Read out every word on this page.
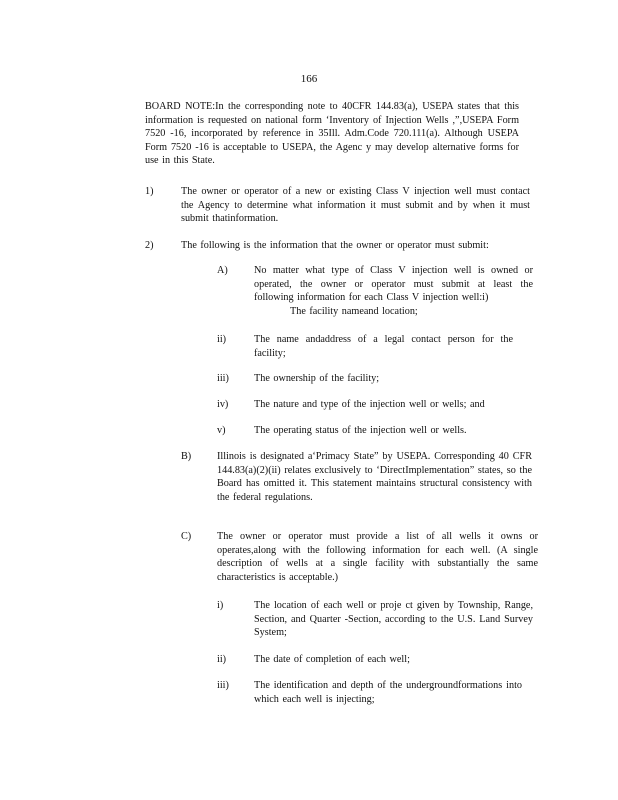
166

BOARD NOTE:In the corresponding note to 40CFR 144.83(a), USEPA states that this information is requested on national form ‘Inventory of Injection Wells ,”,USEPA Form 7520 -16, incorporated by reference in 35Ill. Adm.Code 720.111(a). Although USEPA Form 7520 -16 is acceptable to USEPA, the Agenc y may develop alternative forms for use in this State.

1)	The owner or operator of a new or existing Class V injection well must contact the Agency to determine what information it must submit and by when it must submit thatinformation.

2)	The following is the information that the owner or operator must submit:

A)	No matter what type of Class V injection well is owned or operated, the owner or operator must submit at least the following information for each Class V injection well:i)

The facility nameand location;

ii)	The name andaddress of a legal contact person for the facility;

iii) The ownership of the facility;

iv)	The nature and type of the injection well or wells; and

v)	The operating status of the injection well or wells.

B)	Illinois is designated a‘Primacy State” by USEPA. Corresponding 40 CFR 144.83(a)(2)(ii) relates exclusively to ‘DirectImplementation” states, so the Board has omitted it. This statement maintains structural consistency with the federal regulations.

C)	The owner or operator must provide a list of all wells it owns or operates,along with the following information for each well. (A single description of wells at a single facility with substantially the same characteristics is acceptable.)

i)	The location of each well or proje ct given by Township, Range, Section, and Quarter -Section, according to the U.S. Land Survey System;

ii)	The date of completion of each well;

iii) The identification and depth of the undergroundformations into which each well is injecting;
